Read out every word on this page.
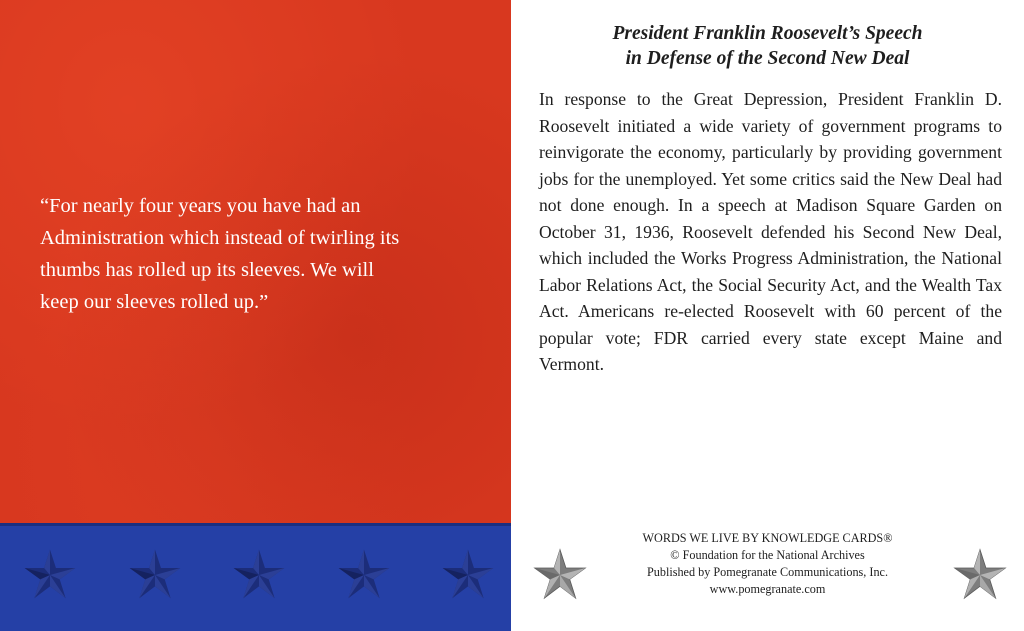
“For nearly four years you have had an
Administration which instead of twirling its
thumbs has rolled up its sleeves. We will
keep our sleeves rolled up.”

President Franklin Roosevelt’s Speech
in Defense of the Second New Deal

In response to the Great Depression, President Franklin D. Roosevelt initiated a wide variety of government programs to reinvigorate the economy, particularly by providing government jobs for the unemployed. Yet some critics said the New Deal had not done enough. In a speech at Madison Square Garden on October 31, 1936, Roosevelt defended his Second New Deal, which included the Works Progress Administration, the National Labor Relations Act, the Social Security Act, and the Wealth Tax Act. Americans re-elected Roosevelt with 60 percent of the popular vote; FDR carried every state except Maine and Vermont.

WORDS WE LIVE BY KNOWLEDGE CARDS®
© Foundation for the National Archives
Published by Pomegranate Communications, Inc.
www.pomegranate.com
